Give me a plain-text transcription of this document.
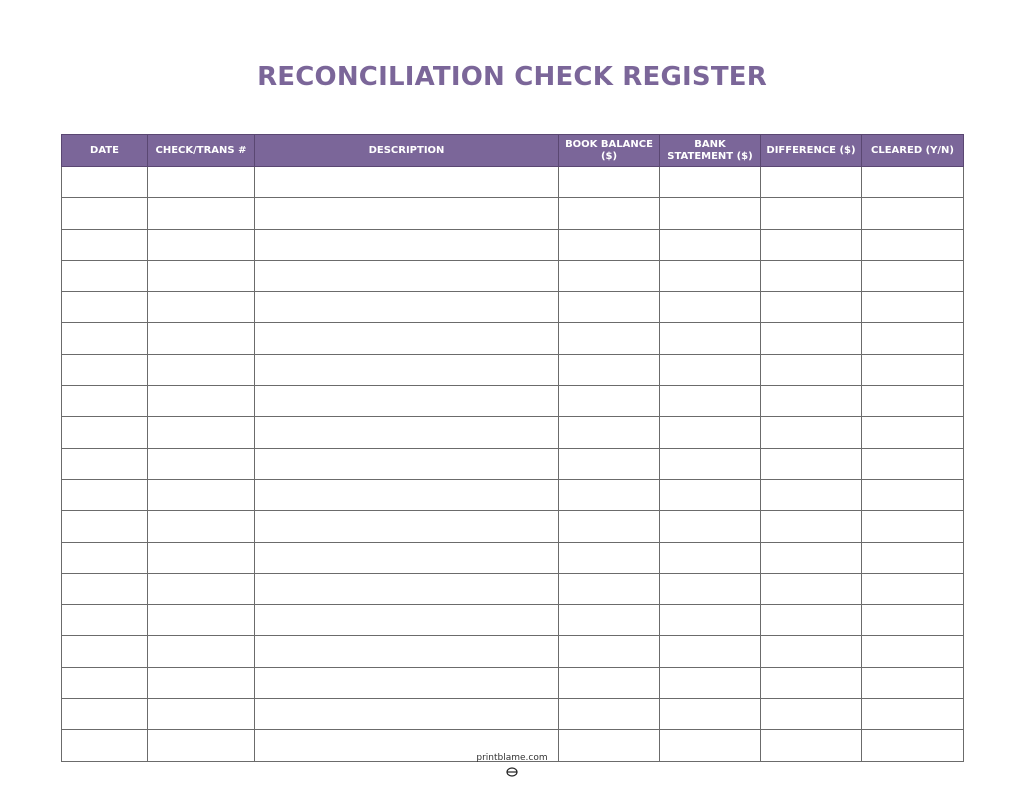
RECONCILIATION CHECK REGISTER
DATE	CHECK/TRANS #	DESCRIPTION	BOOK BALANCE ($)	BANK STATEMENT ($)	DIFFERENCE ($)	CLEARED (Y/N)

printblame.com
